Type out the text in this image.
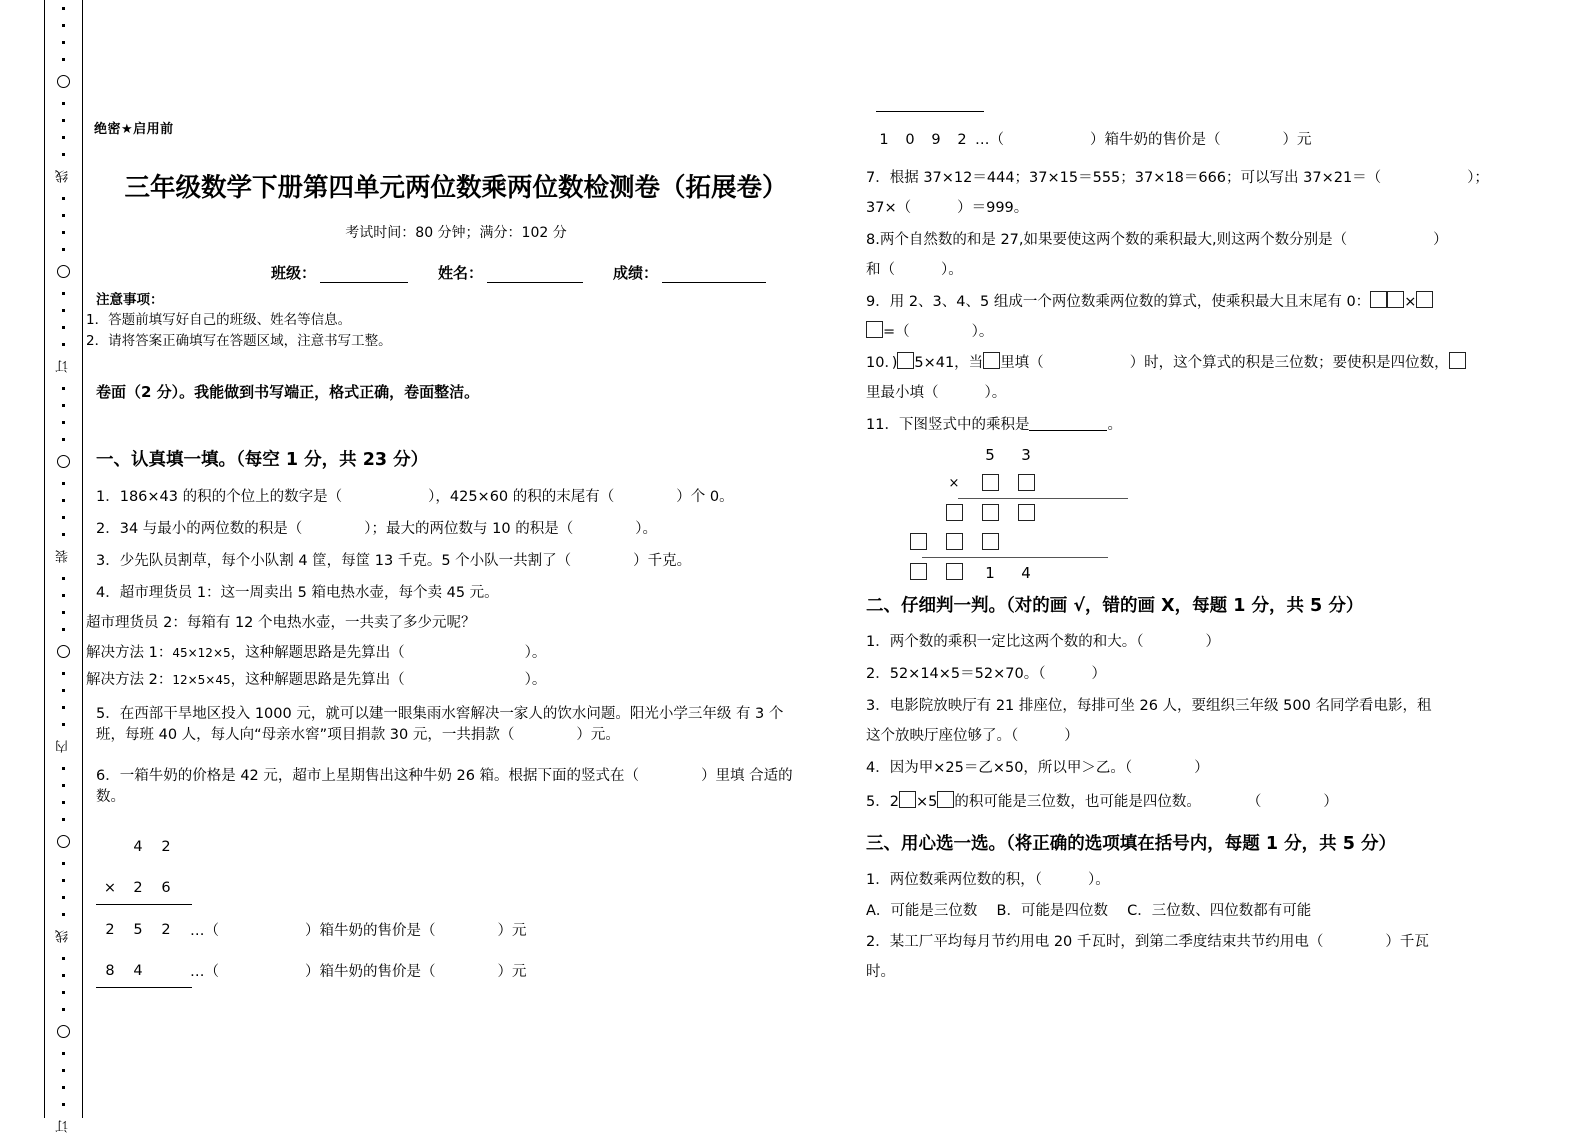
线
订
装
内
线
订
绝密★启用前
三年级数学下册第四单元两位数乘两位数检测卷（拓展卷）
考试时间：80 分钟；满分：102 分
班级：	姓名：	成绩：
注意事项：
1．答题前填写好自己的班级、姓名等信息。
2．请将答案正确填写在答题区域，注意书写工整。
卷面（2 分）。我能做到书写端正，格式正确，卷面整洁。
一、认真填一填。（每空 1 分，共 23 分）
1．186×43 的积的个位上的数字是（	），425×60 的积的末尾有（	）个 0。
2．34 与最小的两位数的积是（	）；最大的两位数与 10 的积是（	）。
3．少先队员割草，每个小队割 4 筐，每筐 13 千克。5 个小队一共割了（	）千克。
4．超市理货员 1：这一周卖出 5 箱电热水壶，每个卖 45 元。
超市理货员 2：每箱有 12 个电热水壶，一共卖了多少元呢？
解决方法 1：45×12×5，这种解题思路是先算出（	）。
解决方法 2：12×5×45，这种解题思路是先算出（	）。
5．在西部干旱地区投入 1000 元，就可以建一眼集雨水窖解决一家人的饮水问题。阳光小学三年级 有 3 个班，每班 40 人，每人向“母亲水窖”项目捐款 30 元，一共捐款（	）元。
6．一箱牛奶的价格是 42 元，超市上星期售出这种牛奶 26 箱。根据下面的竖式在（	）里填 合适的数。
4	2
×	2	6
2	5	2	…（	）箱牛奶的售价是（	）元
8	4	…（	）箱牛奶的售价是（	）元
1 0 9 2 …（	）箱牛奶的售价是（	）元
7．根据 37×12＝444；37×15＝555；37×18＝666；可以写出 37×21＝（	）；
37×（	）＝999。
8.两个自然数的和是 27,如果要使这两个数的乘积最大,则这两个数分别是（	）
和（	）。
9．用 2、3、4、5 组成一个两位数乘两位数的算式，使乘积最大且末尾有 0： ×
=（	）。
10．) 5×41，当 里填（	）时，这个算式的积是三位数；要使积是四位数，
里最小填（	）。
11．下图竖式中的乘积是	。
5	3
×
1	4
二、仔细判一判。（对的画 √，错的画 X，每题 1 分，共 5 分）
1．两个数的乘积一定比这两个数的和大。（	）
2．52×14×5＝52×70。（	）
3．电影院放映厅有 21 排座位，每排可坐 26 人，要组织三年级 500 名同学看电影，租
这个放映厅座位够了。（	）
4．因为甲×25＝乙×50，所以甲＞乙。（	）
5．2 ×5 的积可能是三位数，也可能是四位数。	（	）
三、用心选一选。（将正确的选项填在括号内，每题 1 分，共 5 分）
1．两位数乘两位数的积，（	）。
A．可能是三位数　 B．可能是四位数　 C．三位数、四位数都有可能
2．某工厂平均每月节约用电 20 千瓦时，到第二季度结束共节约用电（	）千瓦
时。
